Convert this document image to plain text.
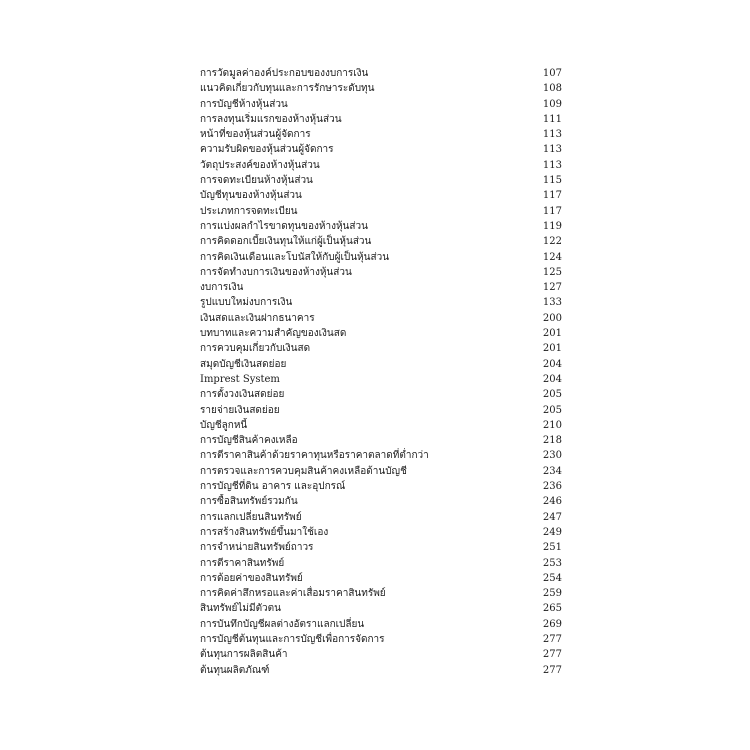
การวัดมูลค่าองค์ประกอบของงบการเงิน	107
แนวคิดเกี่ยวกับทุนและการรักษาระดับทุน	108
การบัญชีห้างหุ้นส่วน	109
การลงทุนเริ่มแรกของห้างหุ้นส่วน	111
หน้าที่ของหุ้นส่วนผู้จัดการ	113
ความรับผิดของหุ้นส่วนผู้จัดการ	113
วัตถุประสงค์ของห้างหุ้นส่วน	113
การจดทะเบียนห้างหุ้นส่วน	115
บัญชีทุนของห้างหุ้นส่วน	117
ประเภทการจดทะเบียน	117
การแบ่งผลกำไรขาดทุนของห้างหุ้นส่วน	119
การคิดดอกเบี้ยเงินทุนให้แก่ผู้เป็นหุ้นส่วน	122
การคิดเงินเดือนและโบนัสให้กับผู้เป็นหุ้นส่วน	124
การจัดทำงบการเงินของห้างหุ้นส่วน	125
งบการเงิน	127
รูปแบบใหม่งบการเงิน	133
เงินสดและเงินฝากธนาคาร	200
บทบาทและความสำคัญของเงินสด	201
การควบคุมเกี่ยวกับเงินสด	201
สมุดบัญชีเงินสดย่อย	204
Imprest System	204
การตั้งวงเงินสดย่อย	205
รายจ่ายเงินสดย่อย	205
บัญชีลูกหนี้	210
การบัญชีสินค้าคงเหลือ	218
การตีราคาสินค้าด้วยราคาทุนหรือราคาตลาดที่ต่ำกว่า	230
การตรวจและการควบคุมสินค้าคงเหลือด้านบัญชี	234
การบัญชีที่ดิน อาคาร และอุปกรณ์	236
การซื้อสินทรัพย์รวมกัน	246
การแลกเปลี่ยนสินทรัพย์	247
การสร้างสินทรัพย์ขึ้นมาใช้เอง	249
การจำหน่ายสินทรัพย์ถาวร	251
การตีราคาสินทรัพย์	253
การด้อยค่าของสินทรัพย์	254
การคิดค่าสึกหรอและค่าเสื่อมราคาสินทรัพย์	259
สินทรัพย์ไม่มีตัวตน	265
การบันทึกบัญชีผลต่างอัตราแลกเปลี่ยน	269
การบัญชีต้นทุนและการบัญชีเพื่อการจัดการ	277
ต้นทุนการผลิตสินค้า	277
ต้นทุนผลิตภัณฑ์	277
